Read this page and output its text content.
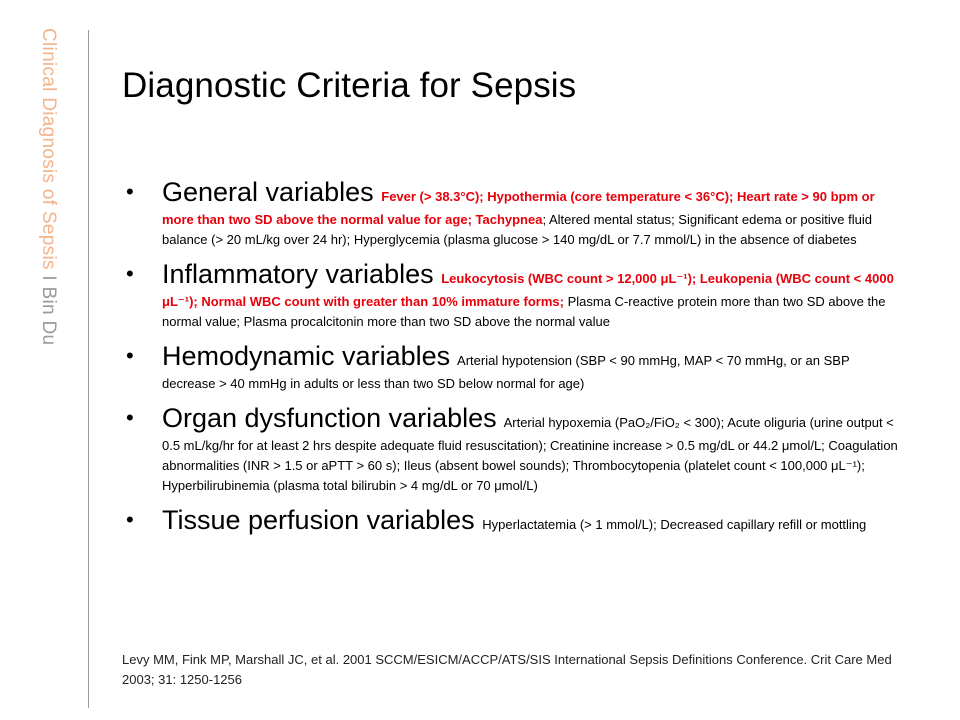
Clinical Diagnosis of Sepsis I Bin Du
Diagnostic Criteria for Sepsis
•	General variables Fever (> 38.3°C); Hypothermia (core temperature < 36°C); Heart rate > 90 bpm or more than two SD above the normal value for age; Tachypnea; Altered mental status; Significant edema or positive fluid balance (> 20 mL/kg over 24 hr); Hyperglycemia (plasma glucose > 140 mg/dL or 7.7 mmol/L) in the absence of diabetes
•	Inflammatory variables Leukocytosis (WBC count > 12,000 μL⁻¹); Leukopenia (WBC count < 4000 μL⁻¹); Normal WBC count with greater than 10% immature forms; Plasma C-reactive protein more than two SD above the normal value; Plasma procalcitonin more than two SD above the normal value
•	Hemodynamic variables Arterial hypotension (SBP < 90 mmHg, MAP < 70 mmHg, or an SBP decrease > 40 mmHg in adults or less than two SD below normal for age)
•	Organ dysfunction variables Arterial hypoxemia (PaO₂/FiO₂ < 300); Acute oliguria (urine output < 0.5 mL/kg/hr for at least 2 hrs despite adequate fluid resuscitation); Creatinine increase > 0.5 mg/dL or 44.2 μmol/L; Coagulation abnormalities (INR > 1.5 or aPTT > 60 s); Ileus (absent bowel sounds); Thrombocytopenia (platelet count < 100,000 μL⁻¹); Hyperbilirubinemia (plasma total bilirubin > 4 mg/dL or 70 μmol/L)
•	Tissue perfusion variables Hyperlactatemia (> 1 mmol/L); Decreased capillary refill or mottling
Levy MM, Fink MP, Marshall JC, et al. 2001 SCCM/ESICM/ACCP/ATS/SIS International Sepsis Definitions Conference. Crit Care Med 2003; 31: 1250-1256
